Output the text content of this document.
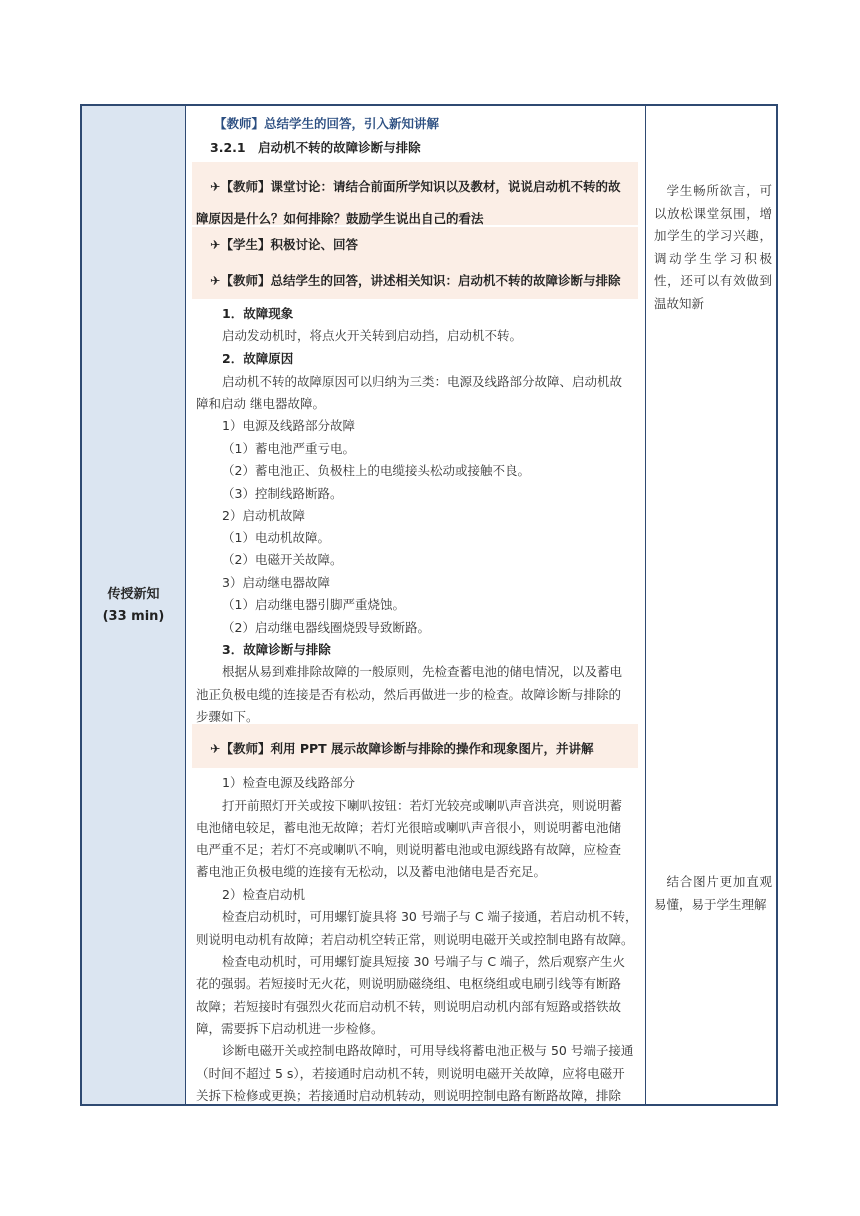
传授新知
(33 min)
【教师】总结学生的回答，引入新知讲解
3.2.1　启动机不转的故障诊断与排除
✈【教师】课堂讨论：请结合前面所学知识以及教材，说说启动机不转的故
障原因是什么？如何排除？鼓励学生说出自己的看法
✈【学生】积极讨论、回答
✈【教师】总结学生的回答，讲述相关知识：启动机不转的故障诊断与排除
1．故障现象
启动发动机时，将点火开关转到启动挡，启动机不转。
2．故障原因
启动机不转的故障原因可以归纳为三类：电源及线路部分故障、启动机故
障和启动 继电器故障。
1）电源及线路部分故障
（1）蓄电池严重亏电。
（2）蓄电池正、负极柱上的电缆接头松动或接触不良。
（3）控制线路断路。
2）启动机故障
（1）电动机故障。
（2）电磁开关故障。
3）启动继电器故障
（1）启动继电器引脚严重烧蚀。
（2）启动继电器线圈烧毁导致断路。
3．故障诊断与排除
根据从易到难排除故障的一般原则，先检查蓄电池的储电情况，以及蓄电
池正负极电缆的连接是否有松动，然后再做进一步的检查。故障诊断与排除的
步骤如下。
✈【教师】利用 PPT 展示故障诊断与排除的操作和现象图片，并讲解
1）检查电源及线路部分
打开前照灯开关或按下喇叭按钮：若灯光较亮或喇叭声音洪亮，则说明蓄
电池储电较足，蓄电池无故障；若灯光很暗或喇叭声音很小，则说明蓄电池储
电严重不足；若灯不亮或喇叭不响，则说明蓄电池或电源线路有故障，应检查
蓄电池正负极电缆的连接有无松动，以及蓄电池储电是否充足。
2）检查启动机
检查启动机时，可用螺钉旋具将 30 号端子与 C 端子接通，若启动机不转，
则说明电动机有故障；若启动机空转正常，则说明电磁开关或控制电路有故障。
检查电动机时，可用螺钉旋具短接 30 号端子与 C 端子，然后观察产生火
花的强弱。若短接时无火花，则说明励磁绕组、电枢绕组或电刷引线等有断路
故障；若短接时有强烈火花而启动机不转，则说明启动机内部有短路或搭铁故
障，需要拆下启动机进一步检修。
诊断电磁开关或控制电路故障时，可用导线将蓄电池正极与 50 号端子接通
（时间不超过 5 s），若接通时启动机不转，则说明电磁开关故障，应将电磁开
关拆下检修或更换；若接通时启动机转动，则说明控制电路有断路故障，排除
学生畅所欲言，可以放松课堂氛围，增加学生的学习兴趣，调动学生学习积极性，还可以有效做到温故知新
结合图片更加直观易懂，易于学生理解
